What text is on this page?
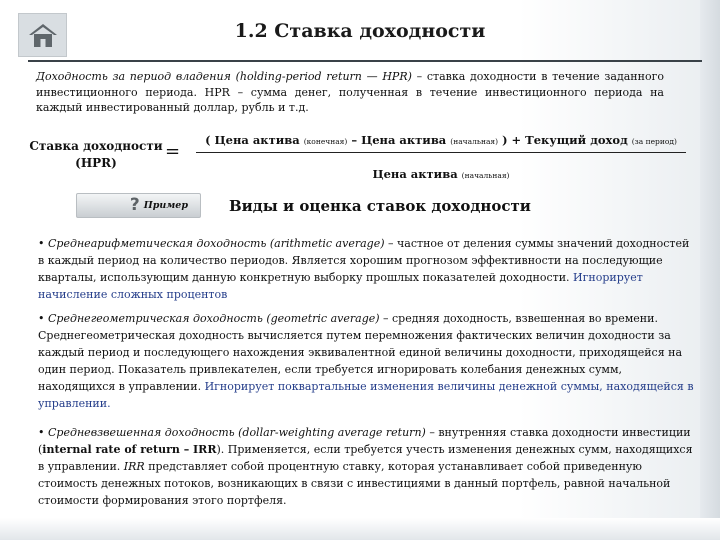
1.2 Ставка доходности
Доходность за период владения (holding-period return — HPR) – ставка доходности в течение заданного инвестиционного периода. HPR – сумма денег, полученная в течение инвестиционного периода на каждый инвестированный доллар, рубль и т.д.
Ставка доходности
(HPR)
=
( Цена актива (конечная) – Цена актива (начальная) ) + Текущий доход (за период)
Цена актива (начальная)
? Пример	Виды и оценка ставок доходности
• Среднеарифметическая доходность (arithmetic average) – частное от деления суммы значений доходностей в каждый период на количество периодов. Является хорошим прогнозом эффективности на последующие кварталы, использующим данную конкретную выборку прошлых показателей доходности. Игнорирует начисление сложных процентов
• Среднегеометрическая доходность (geometric average) – средняя доходность, взвешенная во времени. Среднегеометрическая доходность вычисляется путем перемножения фактических величин доходности за каждый период и последующего нахождения эквивалентной единой величины доходности, приходящейся на один период. Показатель привлекателен, если требуется игнорировать колебания денежных сумм, находящихся в управлении. Игнорирует поквартальные изменения величины денежной суммы, находящейся в управлении.
• Средневзвешенная доходность (dollar-weighting average return) – внутренняя ставка доходности инвестиции (internal rate of return – IRR). Применяется, если требуется учесть изменения денежных сумм, находящихся в управлении. IRR представляет собой процентную ставку, которая устанавливает собой приведенную стоимость денежных потоков, возникающих в связи с инвестициями в данный портфель, равной начальной стоимости формирования этого портфеля.
